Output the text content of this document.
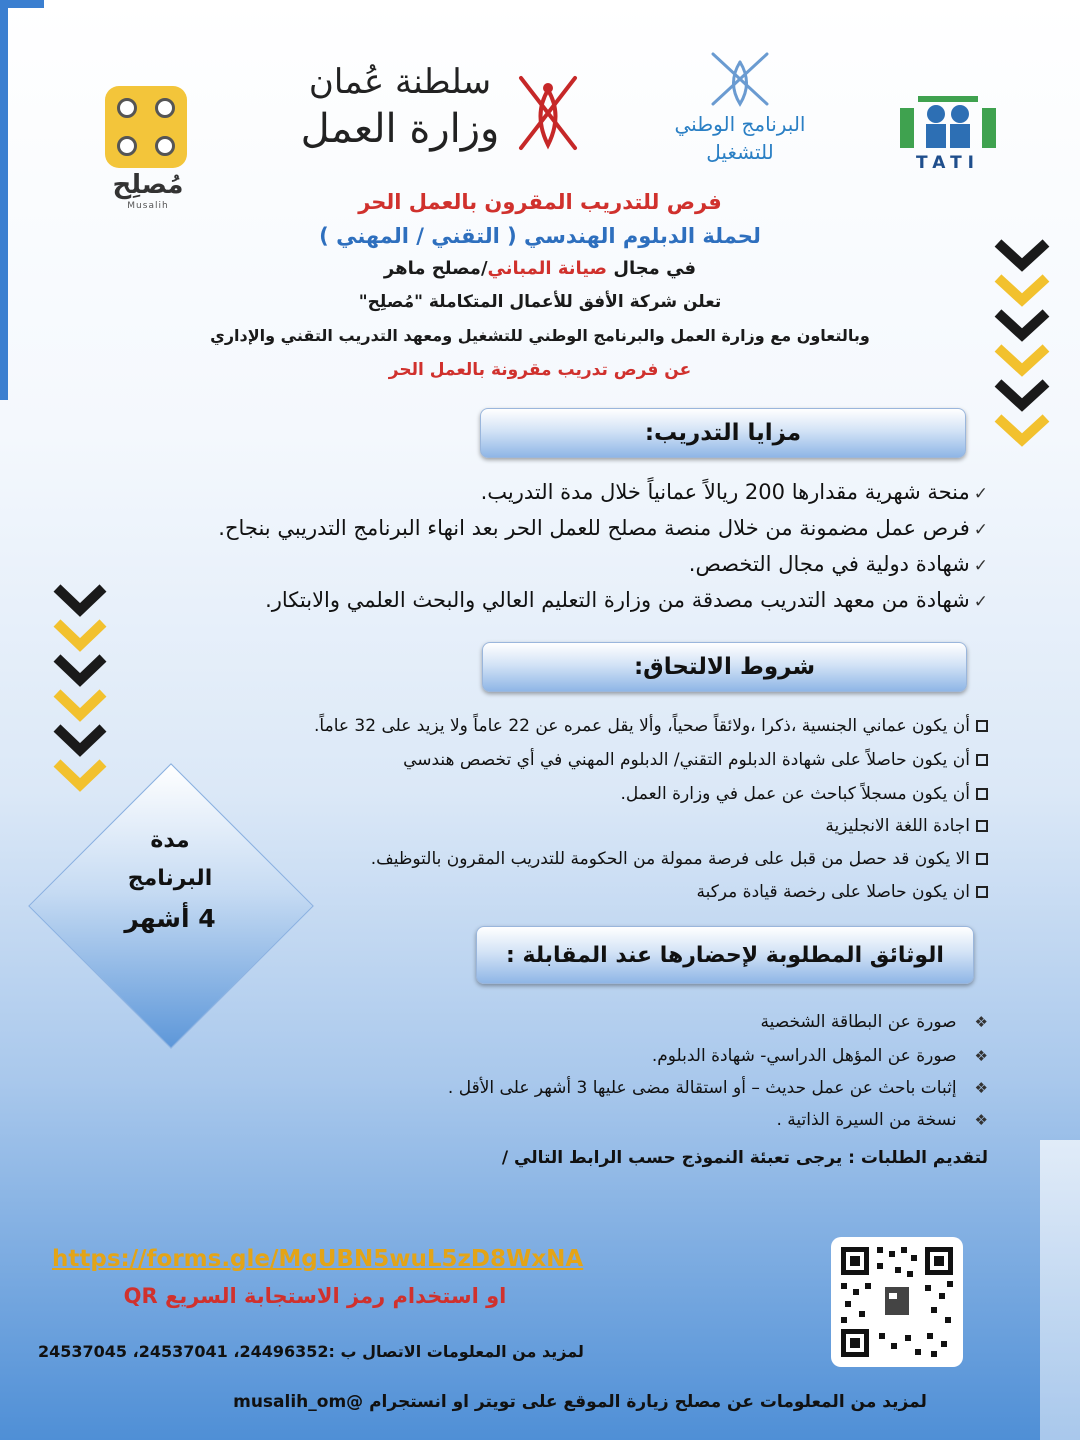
مُصلِح
Musalih
سلطنة عُمان
وزارة العمل	البرنامج الوطني
للتشغيل	TATI
فرص للتدريب المقرون بالعمل الحر
لحملة الدبلوم الهندسي ( التقني / المهني )
في مجال صيانة المباني/مصلح ماهر
تعلن شركة الأفق للأعمال المتكاملة "مُصلِح"
وبالتعاون مع وزارة العمل والبرنامج الوطني للتشغيل ومعهد التدريب التقني والإداري
عن فرص تدريب مقرونة بالعمل الحر
مزايا التدريب:
✓منحة شهرية مقدارها 200 ريالاً عمانياً خلال مدة التدريب.
✓فرص عمل مضمونة من خلال منصة مصلح للعمل الحر بعد انهاء البرنامج التدريبي بنجاح.
✓شهادة دولية في مجال التخصص.
✓شهادة من معهد التدريب مصدقة من وزارة التعليم العالي والبحث العلمي والابتكار.
شروط الالتحاق:
أن يكون عماني الجنسية ،ذكرا ،ولائقاً صحياً، وألا يقل عمره عن 22 عاماً ولا يزيد على 32 عاماً.
أن يكون حاصلاً على شهادة الدبلوم التقني/ الدبلوم المهني في أي تخصص هندسي
أن يكون مسجلاً كباحث عن عمل في وزارة العمل.
اجادة اللغة الانجليزية
الا يكون قد حصل من قبل على فرصة ممولة من الحكومة للتدريب المقرون بالتوظيف.
ان يكون حاصلا على رخصة قيادة مركبة
مدة
البرنامج
4 أشهر
الوثائق المطلوبة لإحضارها عند المقابلة :
❖صورة عن البطاقة الشخصية
❖صورة عن المؤهل الدراسي- شهادة الدبلوم.
❖إثبات باحث عن عمل حديث – أو استقالة مضى عليها 3 أشهر على الأقل .
❖نسخة من السيرة الذاتية .
لتقديم الطلبات : يرجى تعبئة النموذج حسب الرابط التالي /
https://forms.gle/MgUBN5wuL5zD8WxNA
او استخدام رمز الاستجابة السريع QR
لمزيد من المعلومات الاتصال ب :24496352، 24537041، 24537045
لمزيد من المعلومات عن مصلح زيارة الموقع على تويتر او انستجرام @musalih_om
